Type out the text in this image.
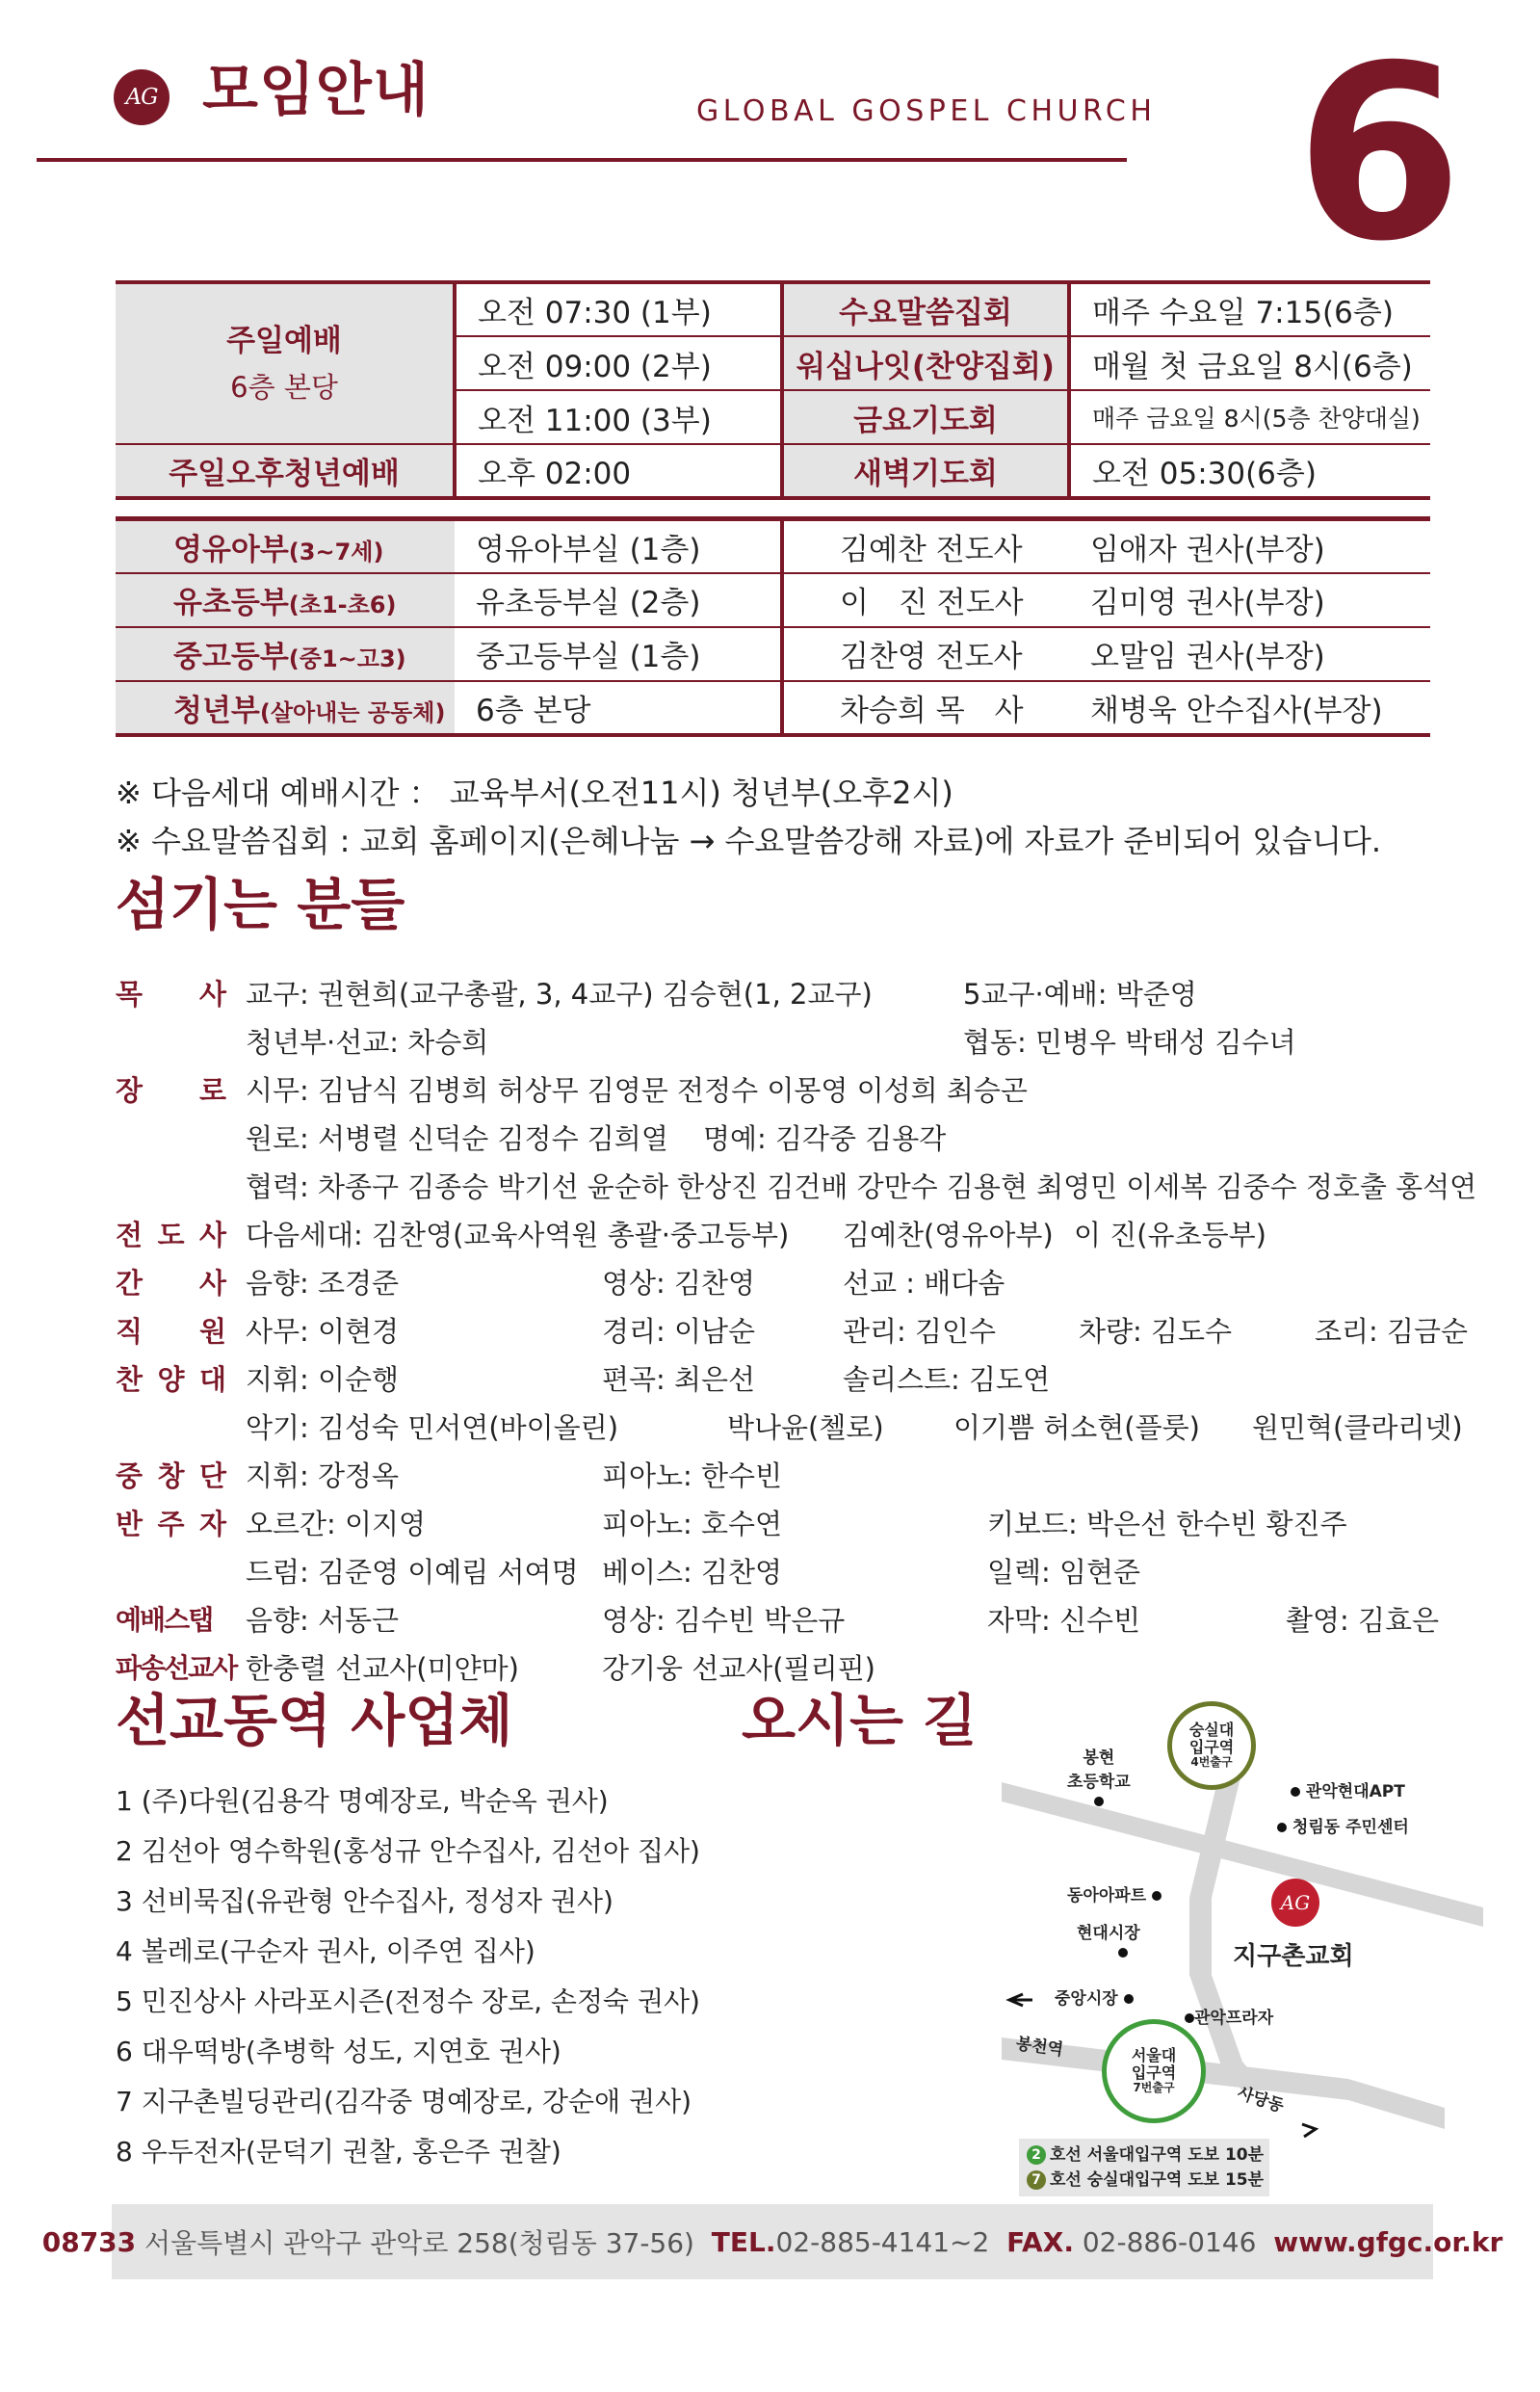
AG 모임안내	GLOBAL GOSPEL CHURCH 6
주일예배
6층 본당	오전 07:30 (1부)	수요말씀집회	매주 수요일 7:15(6층)
	오전 09:00 (2부)	워십나잇(찬양집회)	매월 첫 금요일 8시(6층)
	오전 11:00 (3부)	금요기도회	매주 금요일 8시(5층 찬양대실)
주일오후청년예배	오후 02:00	새벽기도회	오전 05:30(6층)
영유아부(3~7세)	영유아부실 (1층)	김예찬 전도사	임애자 권사(부장)
유초등부(초1-초6)	유초등부실 (2층)	이　진 전도사	김미영 권사(부장)
중고등부(중1~고3)	중고등부실 (1층)	김찬영 전도사	오말임 권사(부장)
청년부(살아내는 공동체)	6층 본당	차승희 목　사	채병욱 안수집사(부장)
※ 다음세대 예배시간 ： 교육부서(오전11시) 청년부(오후2시)
※ 수요말씀집회 : 교회 홈페이지(은혜나눔 → 수요말씀강해 자료)에 자료가 준비되어 있습니다.
섬기는 분들
목 사 교구: 권현희(교구총괄, 3, 4교구) 김승현(1, 2교구)	5교구·예배: 박준영
청년부·선교: 차승희	협동: 민병우 박태성 김수녀
장 로 시무: 김남식 김병희 허상무 김영문 전정수 이몽영 이성희 최승곤
원로: 서병렬 신덕순 김정수 김희열 명예: 김각중 김용각
협력: 차종구 김종승 박기선 윤순하 한상진 김건배 강만수 김용현 최영민 이세복 김중수 정호출 홍석연
전 도 사 다음세대: 김찬영(교육사역원 총괄·중고등부) 김예찬(영유아부) 이 진(유초등부)
간 사 음향: 조경준	영상: 김찬영	선교 : 배다솜
직 원 사무: 이현경	경리: 이남순	관리: 김인수	차량: 김도수	조리: 김금순
찬 양 대 지휘: 이순행	편곡: 최은선	솔리스트: 김도연
악기: 김성숙 민서연(바이올린)	박나윤(첼로) 이기쁨 허소현(플룻) 원민혁(클라리넷)
중 창 단 지휘: 강정옥	피아노: 한수빈
반 주 자 오르간: 이지영	피아노: 호수연	키보드: 박은선 한수빈 황진주
드럼: 김준영 이예림 서여명 베이스: 김찬영	일렉: 임현준
예배스탭 음향: 서동근	영상: 김수빈 박은규	자막: 신수빈	촬영: 김효은
파송선교사 한충렬 선교사(미얀마)	강기웅 선교사(필리핀)
선교동역 사업체
1 (주)다원(김용각 명예장로, 박순옥 권사)
2 김선아 영수학원(홍성규 안수집사, 김선아 집사)
3 선비묵집(유관형 안수집사, 정성자 권사)
4 볼레로(구순자 권사, 이주연 집사)
5 민진상사 사라포시즌(전정수 장로, 손정숙 권사)
6 대우떡방(추병학 성도, 지연호 권사)
7 지구촌빌딩관리(김각중 명예장로, 강순애 권사)
8 우두전자(문덕기 권찰, 홍은주 권찰)
오시는 길
봉현
초등학교
숭실대
입구역
4번출구
관악현대APT
청림동 주민센터
동아아파트
현대시장
중앙시장
관악프라자
봉천역
사당동
서울대
입구역
7번출구
AG
지구촌교회
2 호선 서울대입구역 도보 10분
7 호선 숭실대입구역 도보 15분
08733 서울특별시 관악구 관악로 258(청림동 37-56) TEL. 02-885-4141~2 FAX. 02-886-0146 www.gfgc.or.kr
